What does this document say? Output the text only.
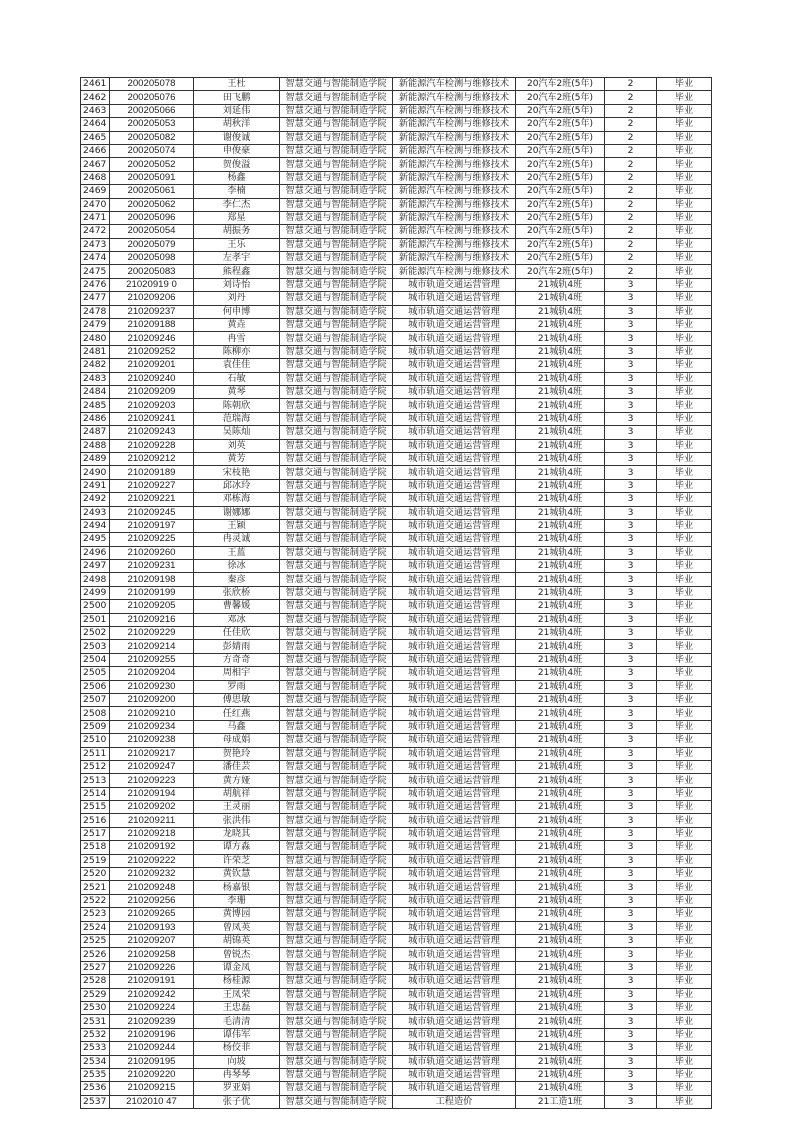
2461	200205078	王杜	智慧交通与智能制造学院	新能源汽车检测与维修技术	20汽车2班(5年)	2	毕业
2462	200205076	田飞鹏	智慧交通与智能制造学院	新能源汽车检测与维修技术	20汽车2班(5年)	2	毕业
2463	200205066	刘延伟	智慧交通与智能制造学院	新能源汽车检测与维修技术	20汽车2班(5年)	2	毕业
2464	200205053	胡秋洋	智慧交通与智能制造学院	新能源汽车检测与维修技术	20汽车2班(5年)	2	毕业
2465	200205082	谢俊诚	智慧交通与智能制造学院	新能源汽车检测与维修技术	20汽车2班(5年)	2	毕业
2466	200205074	申俊豪	智慧交通与智能制造学院	新能源汽车检测与维修技术	20汽车2班(5年)	2	毕业
2467	200205052	贺俊溢	智慧交通与智能制造学院	新能源汽车检测与维修技术	20汽车2班(5年)	2	毕业
2468	200205091	杨鑫	智慧交通与智能制造学院	新能源汽车检测与维修技术	20汽车2班(5年)	2	毕业
2469	200205061	李楠	智慧交通与智能制造学院	新能源汽车检测与维修技术	20汽车2班(5年)	2	毕业
2470	200205062	李仁杰	智慧交通与智能制造学院	新能源汽车检测与维修技术	20汽车2班(5年)	2	毕业
2471	200205096	郑星	智慧交通与智能制造学院	新能源汽车检测与维修技术	20汽车2班(5年)	2	毕业
2472	200205054	胡振务	智慧交通与智能制造学院	新能源汽车检测与维修技术	20汽车2班(5年)	2	毕业
2473	200205079	王乐	智慧交通与智能制造学院	新能源汽车检测与维修技术	20汽车2班(5年)	2	毕业
2474	200205098	左孝宇	智慧交通与智能制造学院	新能源汽车检测与维修技术	20汽车2班(5年)	2	毕业
2475	200205083	熊程鑫	智慧交通与智能制造学院	新能源汽车检测与维修技术	20汽车2班(5年)	2	毕业
2476	21020919 0	刘诗怡	智慧交通与智能制造学院	城市轨道交通运营管理	21城轨4班	3	毕业
2477	210209206	刘丹	智慧交通与智能制造学院	城市轨道交通运营管理	21城轨4班	3	毕业
2478	210209237	何申博	智慧交通与智能制造学院	城市轨道交通运营管理	21城轨4班	3	毕业
2479	210209188	黄垚	智慧交通与智能制造学院	城市轨道交通运营管理	21城轨4班	3	毕业
2480	210209246	冉雪	智慧交通与智能制造学院	城市轨道交通运营管理	21城轨4班	3	毕业
2481	210209252	陈柳亦	智慧交通与智能制造学院	城市轨道交通运营管理	21城轨4班	3	毕业
2482	210209201	袁佳佳	智慧交通与智能制造学院	城市轨道交通运营管理	21城轨4班	3	毕业
2483	210209240	石敏	智慧交通与智能制造学院	城市轨道交通运营管理	21城轨4班	3	毕业
2484	210209209	黄琴	智慧交通与智能制造学院	城市轨道交通运营管理	21城轨4班	3	毕业
2485	210209203	陈朝欣	智慧交通与智能制造学院	城市轨道交通运营管理	21城轨4班	3	毕业
2486	210209241	范瑞海	智慧交通与智能制造学院	城市轨道交通运营管理	21城轨4班	3	毕业
2487	210209243	吴陈灿	智慧交通与智能制造学院	城市轨道交通运营管理	21城轨4班	3	毕业
2488	210209228	刘英	智慧交通与智能制造学院	城市轨道交通运营管理	21城轨4班	3	毕业
2489	210209212	黄芳	智慧交通与智能制造学院	城市轨道交通运营管理	21城轨4班	3	毕业
2490	210209189	宋枝艳	智慧交通与智能制造学院	城市轨道交通运营管理	21城轨4班	3	毕业
2491	210209227	邱冰玲	智慧交通与智能制造学院	城市轨道交通运营管理	21城轨4班	3	毕业
2492	210209221	邓栋海	智慧交通与智能制造学院	城市轨道交通运营管理	21城轨4班	3	毕业
2493	210209245	谢娜娜	智慧交通与智能制造学院	城市轨道交通运营管理	21城轨4班	3	毕业
2494	210209197	王颖	智慧交通与智能制造学院	城市轨道交通运营管理	21城轨4班	3	毕业
2495	210209225	冉灵诚	智慧交通与智能制造学院	城市轨道交通运营管理	21城轨4班	3	毕业
2496	210209260	王蓝	智慧交通与智能制造学院	城市轨道交通运营管理	21城轨4班	3	毕业
2497	210209231	徐冰	智慧交通与智能制造学院	城市轨道交通运营管理	21城轨4班	3	毕业
2498	210209198	秦彦	智慧交通与智能制造学院	城市轨道交通运营管理	21城轨4班	3	毕业
2499	210209199	张欣桥	智慧交通与智能制造学院	城市轨道交通运营管理	21城轨4班	3	毕业
2500	210209205	曹馨媛	智慧交通与智能制造学院	城市轨道交通运营管理	21城轨4班	3	毕业
2501	210209216	邓冰	智慧交通与智能制造学院	城市轨道交通运营管理	21城轨4班	3	毕业
2502	210209229	任佳欣	智慧交通与智能制造学院	城市轨道交通运营管理	21城轨4班	3	毕业
2503	210209214	彭婧雨	智慧交通与智能制造学院	城市轨道交通运营管理	21城轨4班	3	毕业
2504	210209255	方奇奇	智慧交通与智能制造学院	城市轨道交通运营管理	21城轨4班	3	毕业
2505	210209204	周相宇	智慧交通与智能制造学院	城市轨道交通运营管理	21城轨4班	3	毕业
2506	210209230	罗雨	智慧交通与智能制造学院	城市轨道交通运营管理	21城轨4班	3	毕业
2507	210209200	傅思敏	智慧交通与智能制造学院	城市轨道交通运营管理	21城轨4班	3	毕业
2508	210209210	任红燕	智慧交通与智能制造学院	城市轨道交通运营管理	21城轨4班	3	毕业
2509	210209234	马鑫	智慧交通与智能制造学院	城市轨道交通运营管理	21城轨4班	3	毕业
2510	210209238	母成娟	智慧交通与智能制造学院	城市轨道交通运营管理	21城轨4班	3	毕业
2511	210209217	贺艳玲	智慧交通与智能制造学院	城市轨道交通运营管理	21城轨4班	3	毕业
2512	210209247	潘佳芸	智慧交通与智能制造学院	城市轨道交通运营管理	21城轨4班	3	毕业
2513	210209223	黄方娅	智慧交通与智能制造学院	城市轨道交通运营管理	21城轨4班	3	毕业
2514	210209194	胡航祥	智慧交通与智能制造学院	城市轨道交通运营管理	21城轨4班	3	毕业
2515	210209202	王灵丽	智慧交通与智能制造学院	城市轨道交通运营管理	21城轨4班	3	毕业
2516	210209211	张洪伟	智慧交通与智能制造学院	城市轨道交通运营管理	21城轨4班	3	毕业
2517	210209218	龙晓其	智慧交通与智能制造学院	城市轨道交通运营管理	21城轨4班	3	毕业
2518	210209192	谭方淼	智慧交通与智能制造学院	城市轨道交通运营管理	21城轨4班	3	毕业
2519	210209222	许荣芝	智慧交通与智能制造学院	城市轨道交通运营管理	21城轨4班	3	毕业
2520	210209232	黄钦慧	智慧交通与智能制造学院	城市轨道交通运营管理	21城轨4班	3	毕业
2521	210209248	杨嘉银	智慧交通与智能制造学院	城市轨道交通运营管理	21城轨4班	3	毕业
2522	210209256	李珊	智慧交通与智能制造学院	城市轨道交通运营管理	21城轨4班	3	毕业
2523	210209265	黄博园	智慧交通与智能制造学院	城市轨道交通运营管理	21城轨4班	3	毕业
2524	210209193	曾凤英	智慧交通与智能制造学院	城市轨道交通运营管理	21城轨4班	3	毕业
2525	210209207	胡锦英	智慧交通与智能制造学院	城市轨道交通运营管理	21城轨4班	3	毕业
2526	210209258	曾锐杰	智慧交通与智能制造学院	城市轨道交通运营管理	21城轨4班	3	毕业
2527	210209226	谭金凤	智慧交通与智能制造学院	城市轨道交通运营管理	21城轨4班	3	毕业
2528	210209191	杨桂源	智慧交通与智能制造学院	城市轨道交通运营管理	21城轨4班	3	毕业
2529	210209242	王凤荣	智慧交通与智能制造学院	城市轨道交通运营管理	21城轨4班	3	毕业
2530	210209224	王忠磊	智慧交通与智能制造学院	城市轨道交通运营管理	21城轨4班	3	毕业
2531	210209239	毛清清	智慧交通与智能制造学院	城市轨道交通运营管理	21城轨4班	3	毕业
2532	210209196	谭伟军	智慧交通与智能制造学院	城市轨道交通运营管理	21城轨4班	3	毕业
2533	210209244	杨佼菲	智慧交通与智能制造学院	城市轨道交通运营管理	21城轨4班	3	毕业
2534	210209195	向坡	智慧交通与智能制造学院	城市轨道交通运营管理	21城轨4班	3	毕业
2535	210209220	冉琴琴	智慧交通与智能制造学院	城市轨道交通运营管理	21城轨4班	3	毕业
2536	210209215	罗亚娟	智慧交通与智能制造学院	城市轨道交通运营管理	21城轨4班	3	毕业
2537	2102010 47	张子优	智慧交通与智能制造学院	工程造价	21工造1班	3	毕业
